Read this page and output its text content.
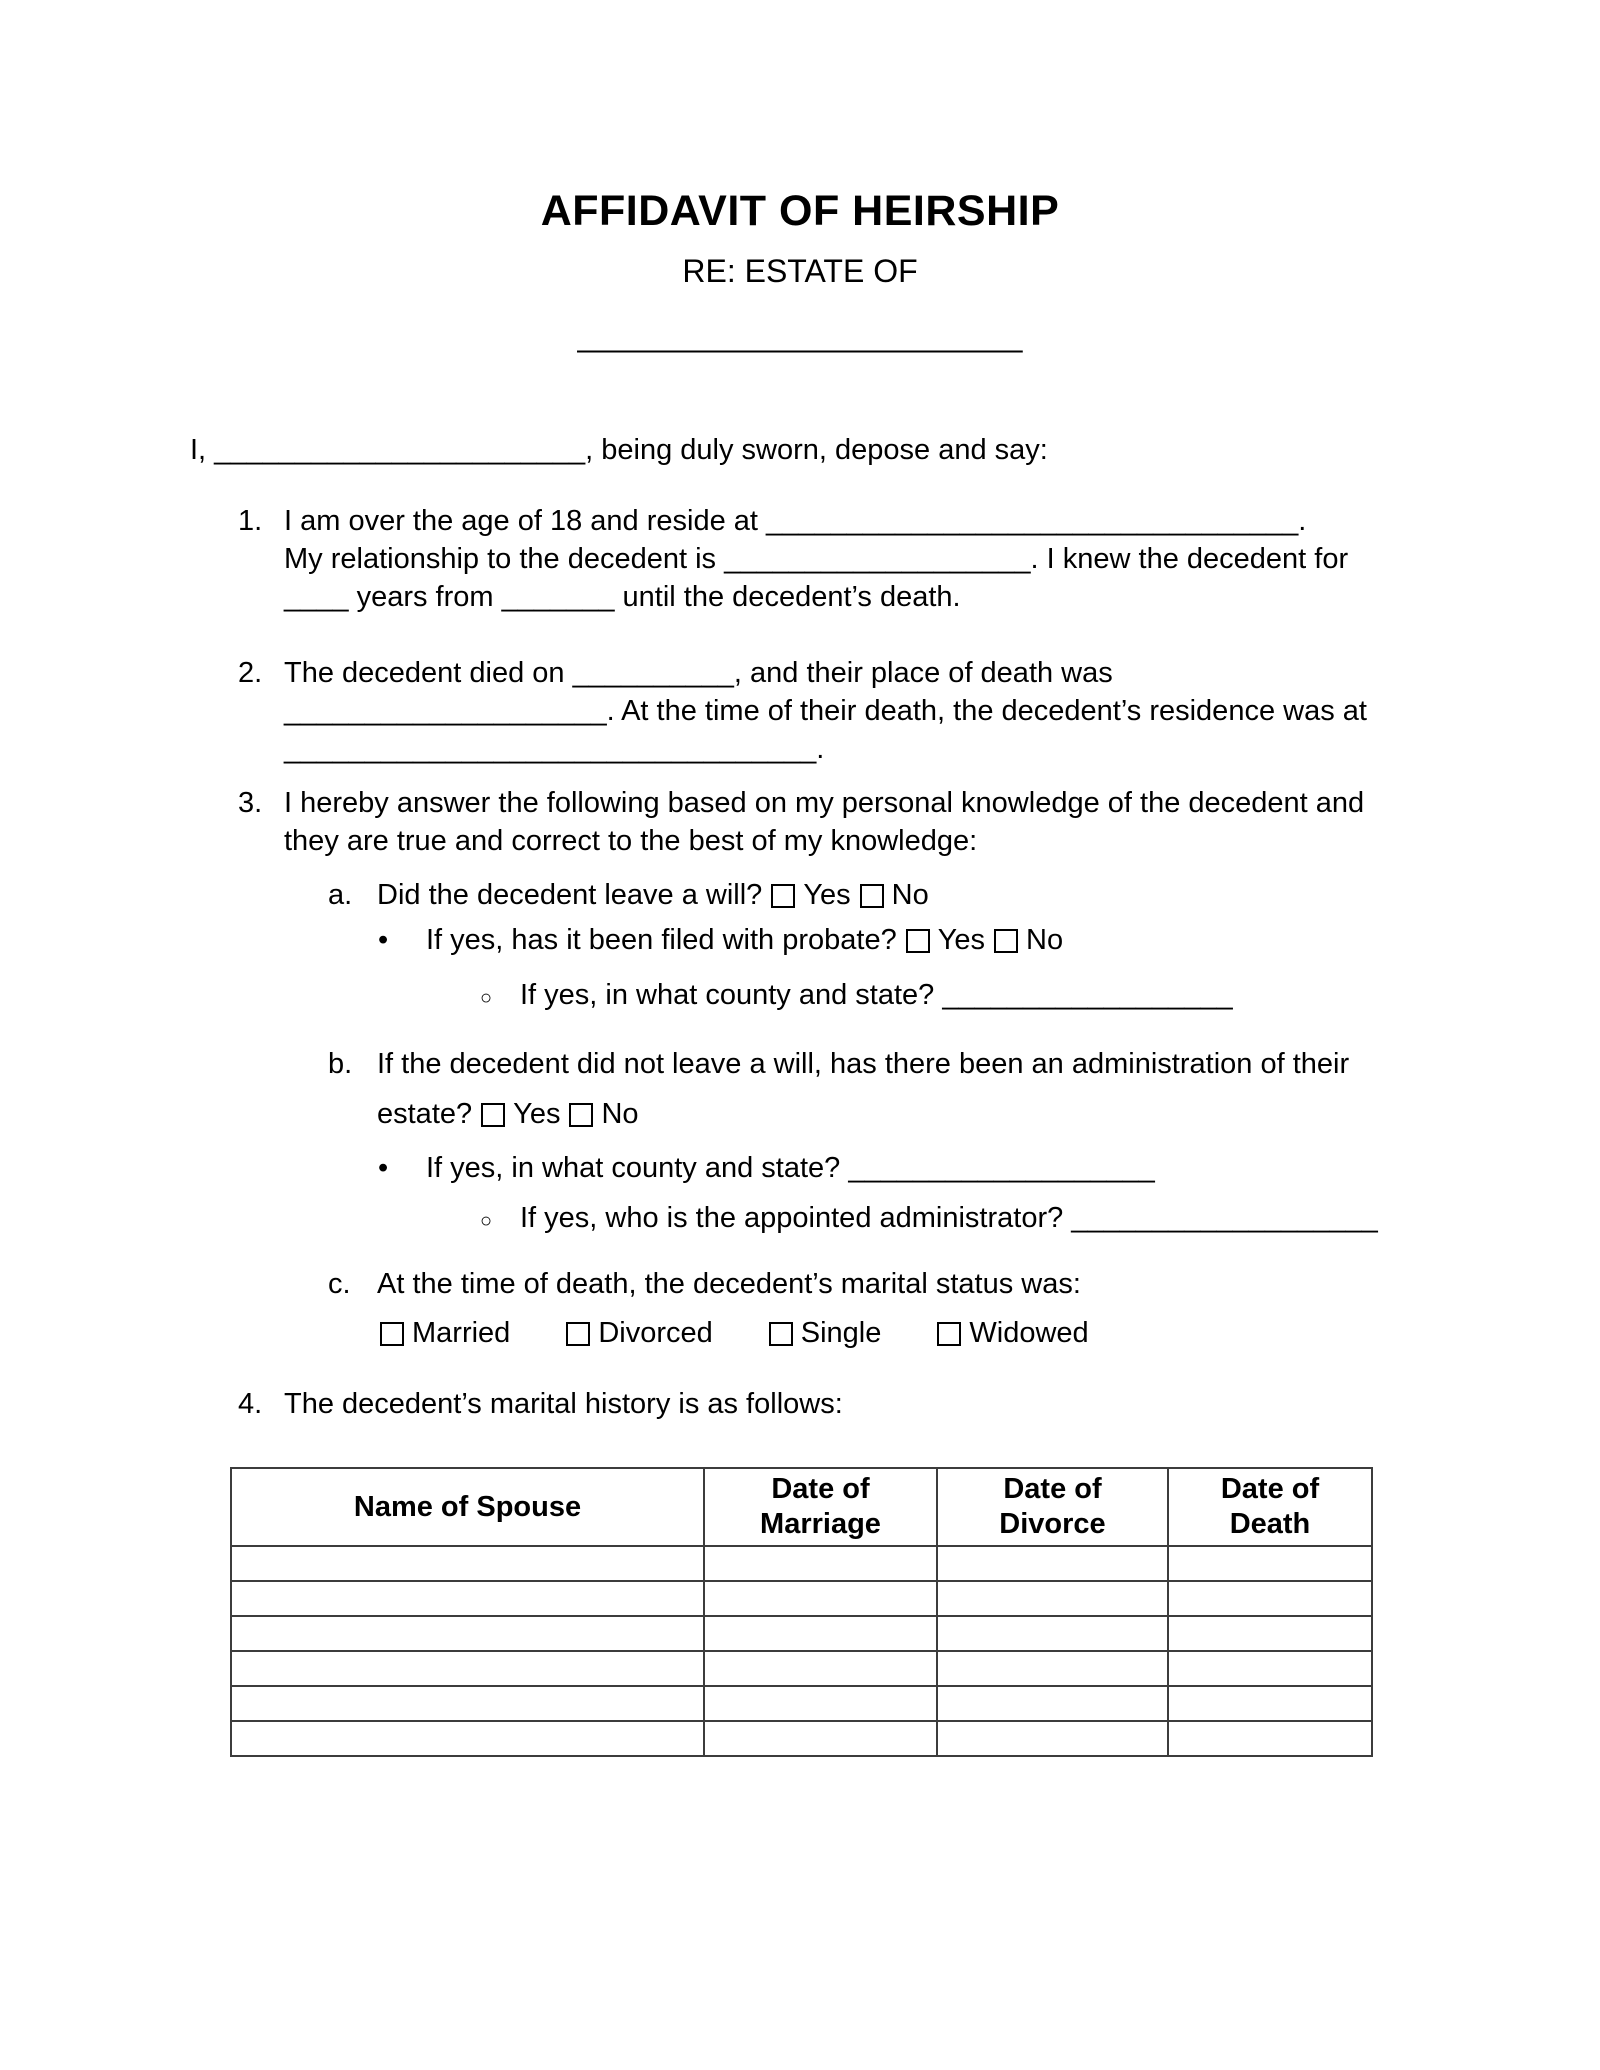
AFFIDAVIT OF HEIRSHIP
RE: ESTATE OF
_________________________
I, _______________________, being duly sworn, depose and say:
1. I am over the age of 18 and reside at _________________________________.
My relationship to the decedent is ___________________. I knew the decedent for
____ years from _______ until the decedent’s death.
2. The decedent died on __________, and their place of death was
____________________. At the time of their death, the decedent’s residence was at
_________________________________.
3. I hereby answer the following based on my personal knowledge of the decedent and
they are true and correct to the best of my knowledge:
a. Did the decedent leave a will? Yes No
• If yes, has it been filed with probate? Yes No
○ If yes, in what county and state? __________________
b. If the decedent did not leave a will, has there been an administration of their
estate? Yes No
• If yes, in what county and state? ___________________
○ If yes, who is the appointed administrator? ___________________
c. At the time of death, the decedent’s marital status was:
Married	Divorced	Single	Widowed
4. The decedent’s marital history is as follows:
Name of Spouse	Date of Marriage	Date of Divorce	Date of Death
